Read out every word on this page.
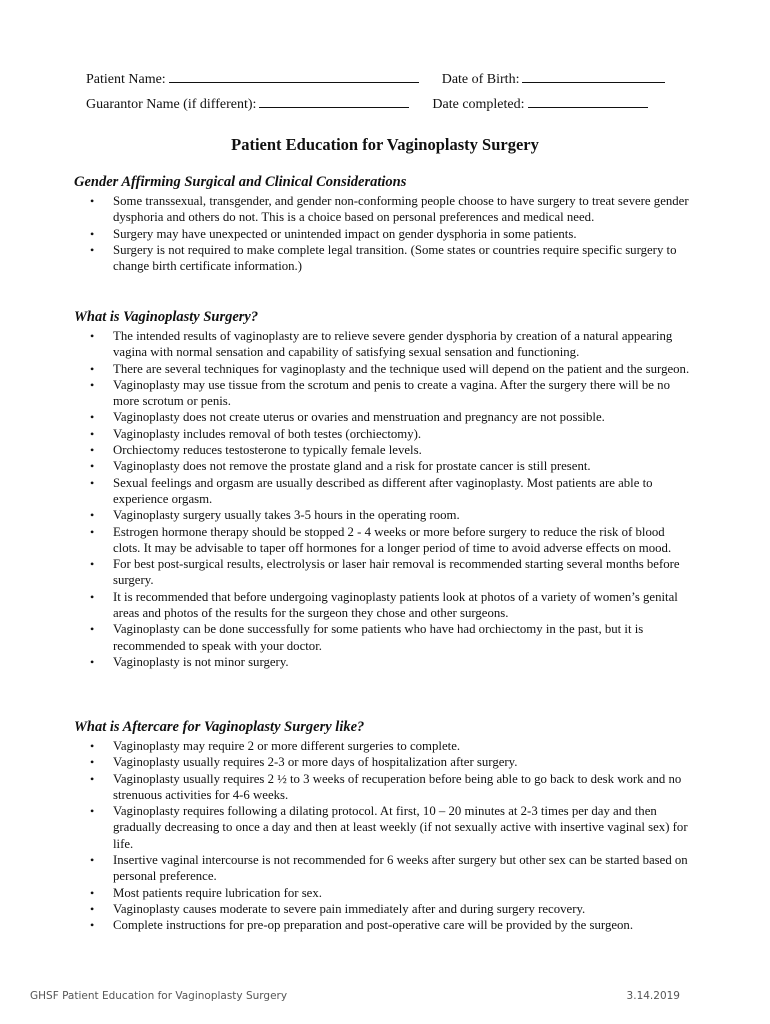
Patient Name:	Date of Birth:
Guarantor Name (if different):	Date completed:
Patient Education for Vaginoplasty Surgery
Gender Affirming Surgical and Clinical Considerations
• Some transsexual, transgender, and gender non-conforming people choose to have surgery to treat severe gender dysphoria and others do not. This is a choice based on personal preferences and medical need.
• Surgery may have unexpected or unintended impact on gender dysphoria in some patients.
• Surgery is not required to make complete legal transition. (Some states or countries require specific surgery to change birth certificate information.)
What is Vaginoplasty Surgery?
• The intended results of vaginoplasty are to relieve severe gender dysphoria by creation of a natural appearing vagina with normal sensation and capability of satisfying sexual sensation and functioning.
• There are several techniques for vaginoplasty and the technique used will depend on the patient and the surgeon.
• Vaginoplasty may use tissue from the scrotum and penis to create a vagina. After the surgery there will be no more scrotum or penis.
• Vaginoplasty does not create uterus or ovaries and menstruation and pregnancy are not possible.
• Vaginoplasty includes removal of both testes (orchiectomy).
• Orchiectomy reduces testosterone to typically female levels.
• Vaginoplasty does not remove the prostate gland and a risk for prostate cancer is still present.
• Sexual feelings and orgasm are usually described as different after vaginoplasty. Most patients are able to experience orgasm.
• Vaginoplasty surgery usually takes 3-5 hours in the operating room.
• Estrogen hormone therapy should be stopped 2 - 4 weeks or more before surgery to reduce the risk of blood clots. It may be advisable to taper off hormones for a longer period of time to avoid adverse effects on mood.
• For best post-surgical results, electrolysis or laser hair removal is recommended starting several months before surgery.
• It is recommended that before undergoing vaginoplasty patients look at photos of a variety of women’s genital areas and photos of the results for the surgeon they chose and other surgeons.
• Vaginoplasty can be done successfully for some patients who have had orchiectomy in the past, but it is recommended to speak with your doctor.
• Vaginoplasty is not minor surgery.
What is Aftercare for Vaginoplasty Surgery like?
• Vaginoplasty may require 2 or more different surgeries to complete.
• Vaginoplasty usually requires 2-3 or more days of hospitalization after surgery.
• Vaginoplasty usually requires 2 ½ to 3 weeks of recuperation before being able to go back to desk work and no strenuous activities for 4-6 weeks.
• Vaginoplasty requires following a dilating protocol. At first, 10 – 20 minutes at 2-3 times per day and then gradually decreasing to once a day and then at least weekly (if not sexually active with insertive vaginal sex) for life.
• Insertive vaginal intercourse is not recommended for 6 weeks after surgery but other sex can be started based on personal preference.
• Most patients require lubrication for sex.
• Vaginoplasty causes moderate to severe pain immediately after and during surgery recovery.
• Complete instructions for pre-op preparation and post-operative care will be provided by the surgeon.
GHSF Patient Education for Vaginoplasty Surgery	3.14.2019
